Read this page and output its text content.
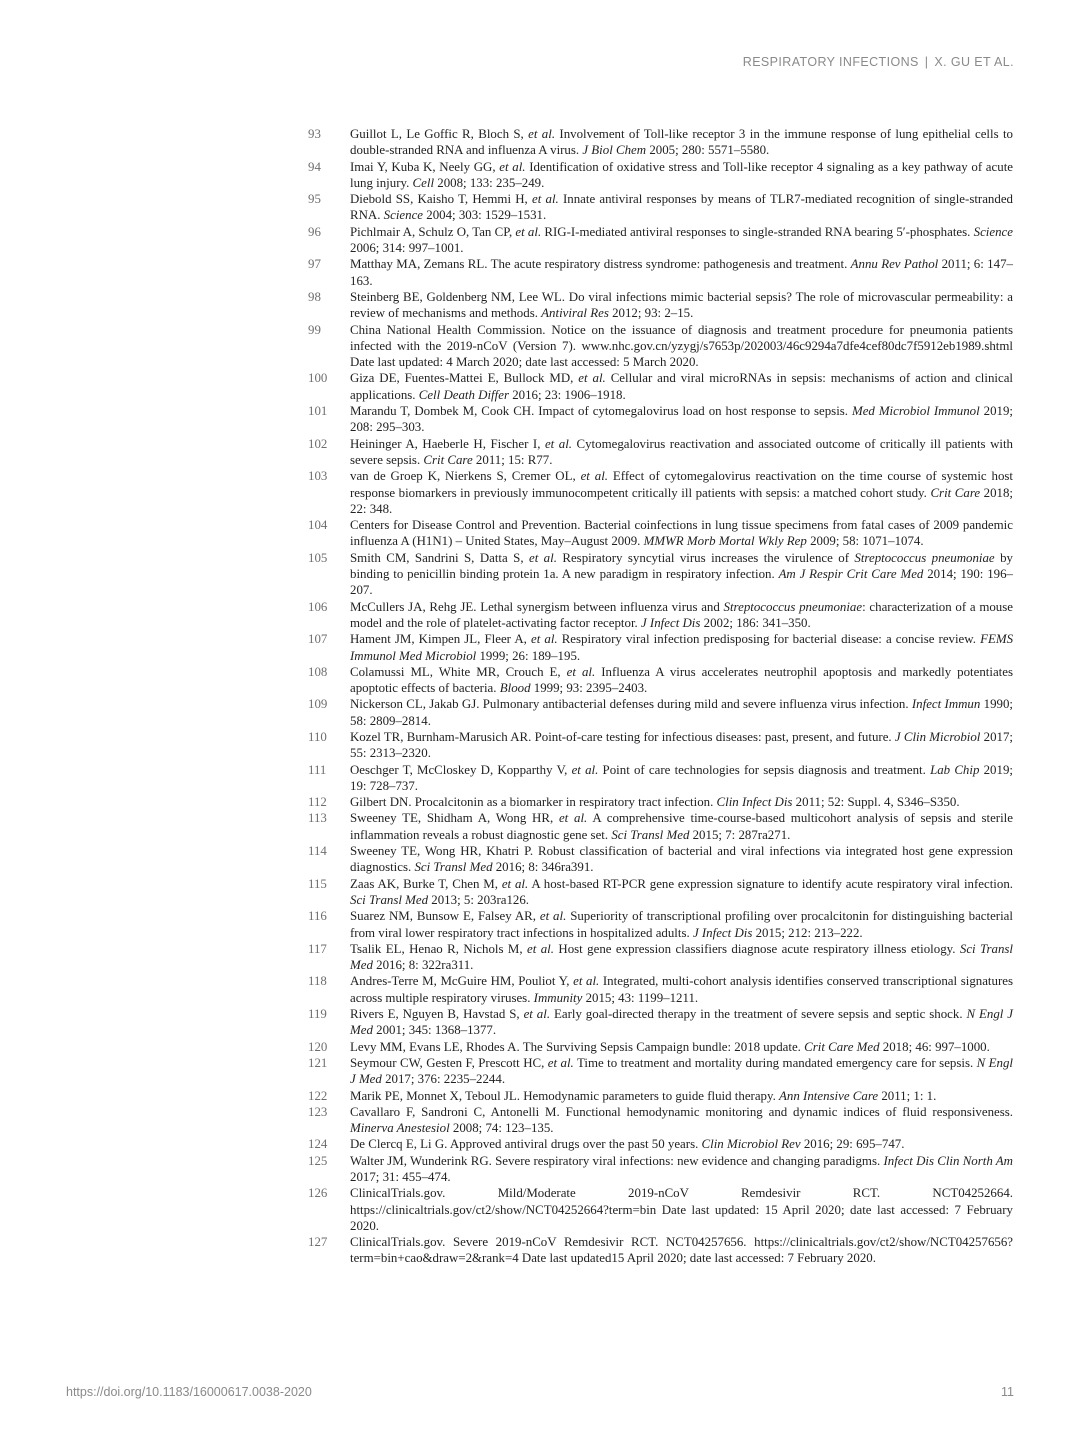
RESPIRATORY INFECTIONS | X. GU ET AL.
93	Guillot L, Le Goffic R, Bloch S, et al. Involvement of Toll-like receptor 3 in the immune response of lung epithelial cells to double-stranded RNA and influenza A virus. J Biol Chem 2005; 280: 5571–5580.
94	Imai Y, Kuba K, Neely GG, et al. Identification of oxidative stress and Toll-like receptor 4 signaling as a key pathway of acute lung injury. Cell 2008; 133: 235–249.
95	Diebold SS, Kaisho T, Hemmi H, et al. Innate antiviral responses by means of TLR7-mediated recognition of single-stranded RNA. Science 2004; 303: 1529–1531.
96	Pichlmair A, Schulz O, Tan CP, et al. RIG-I-mediated antiviral responses to single-stranded RNA bearing 5′-phosphates. Science 2006; 314: 997–1001.
97	Matthay MA, Zemans RL. The acute respiratory distress syndrome: pathogenesis and treatment. Annu Rev Pathol 2011; 6: 147–163.
98	Steinberg BE, Goldenberg NM, Lee WL. Do viral infections mimic bacterial sepsis? The role of microvascular permeability: a review of mechanisms and methods. Antiviral Res 2012; 93: 2–15.
99	China National Health Commission. Notice on the issuance of diagnosis and treatment procedure for pneumonia patients infected with the 2019-nCoV (Version 7). www.nhc.gov.cn/yzygj/s7653p/202003/46c9294a7dfe4cef80dc7f5912eb1989.shtml Date last updated: 4 March 2020; date last accessed: 5 March 2020.
100	Giza DE, Fuentes-Mattei E, Bullock MD, et al. Cellular and viral microRNAs in sepsis: mechanisms of action and clinical applications. Cell Death Differ 2016; 23: 1906–1918.
101	Marandu T, Dombek M, Cook CH. Impact of cytomegalovirus load on host response to sepsis. Med Microbiol Immunol 2019; 208: 295–303.
102	Heininger A, Haeberle H, Fischer I, et al. Cytomegalovirus reactivation and associated outcome of critically ill patients with severe sepsis. Crit Care 2011; 15: R77.
103	van de Groep K, Nierkens S, Cremer OL, et al. Effect of cytomegalovirus reactivation on the time course of systemic host response biomarkers in previously immunocompetent critically ill patients with sepsis: a matched cohort study. Crit Care 2018; 22: 348.
104	Centers for Disease Control and Prevention. Bacterial coinfections in lung tissue specimens from fatal cases of 2009 pandemic influenza A (H1N1) – United States, May–August 2009. MMWR Morb Mortal Wkly Rep 2009; 58: 1071–1074.
105	Smith CM, Sandrini S, Datta S, et al. Respiratory syncytial virus increases the virulence of Streptococcus pneumoniae by binding to penicillin binding protein 1a. A new paradigm in respiratory infection. Am J Respir Crit Care Med 2014; 190: 196–207.
106	McCullers JA, Rehg JE. Lethal synergism between influenza virus and Streptococcus pneumoniae: characterization of a mouse model and the role of platelet-activating factor receptor. J Infect Dis 2002; 186: 341–350.
107	Hament JM, Kimpen JL, Fleer A, et al. Respiratory viral infection predisposing for bacterial disease: a concise review. FEMS Immunol Med Microbiol 1999; 26: 189–195.
108	Colamussi ML, White MR, Crouch E, et al. Influenza A virus accelerates neutrophil apoptosis and markedly potentiates apoptotic effects of bacteria. Blood 1999; 93: 2395–2403.
109	Nickerson CL, Jakab GJ. Pulmonary antibacterial defenses during mild and severe influenza virus infection. Infect Immun 1990; 58: 2809–2814.
110	Kozel TR, Burnham-Marusich AR. Point-of-care testing for infectious diseases: past, present, and future. J Clin Microbiol 2017; 55: 2313–2320.
111	Oeschger T, McCloskey D, Kopparthy V, et al. Point of care technologies for sepsis diagnosis and treatment. Lab Chip 2019; 19: 728–737.
112	Gilbert DN. Procalcitonin as a biomarker in respiratory tract infection. Clin Infect Dis 2011; 52: Suppl. 4, S346–S350.
113	Sweeney TE, Shidham A, Wong HR, et al. A comprehensive time-course-based multicohort analysis of sepsis and sterile inflammation reveals a robust diagnostic gene set. Sci Transl Med 2015; 7: 287ra271.
114	Sweeney TE, Wong HR, Khatri P. Robust classification of bacterial and viral infections via integrated host gene expression diagnostics. Sci Transl Med 2016; 8: 346ra391.
115	Zaas AK, Burke T, Chen M, et al. A host-based RT-PCR gene expression signature to identify acute respiratory viral infection. Sci Transl Med 2013; 5: 203ra126.
116	Suarez NM, Bunsow E, Falsey AR, et al. Superiority of transcriptional profiling over procalcitonin for distinguishing bacterial from viral lower respiratory tract infections in hospitalized adults. J Infect Dis 2015; 212: 213–222.
117	Tsalik EL, Henao R, Nichols M, et al. Host gene expression classifiers diagnose acute respiratory illness etiology. Sci Transl Med 2016; 8: 322ra311.
118	Andres-Terre M, McGuire HM, Pouliot Y, et al. Integrated, multi-cohort analysis identifies conserved transcriptional signatures across multiple respiratory viruses. Immunity 2015; 43: 1199–1211.
119	Rivers E, Nguyen B, Havstad S, et al. Early goal-directed therapy in the treatment of severe sepsis and septic shock. N Engl J Med 2001; 345: 1368–1377.
120	Levy MM, Evans LE, Rhodes A. The Surviving Sepsis Campaign bundle: 2018 update. Crit Care Med 2018; 46: 997–1000.
121	Seymour CW, Gesten F, Prescott HC, et al. Time to treatment and mortality during mandated emergency care for sepsis. N Engl J Med 2017; 376: 2235–2244.
122	Marik PE, Monnet X, Teboul JL. Hemodynamic parameters to guide fluid therapy. Ann Intensive Care 2011; 1: 1.
123	Cavallaro F, Sandroni C, Antonelli M. Functional hemodynamic monitoring and dynamic indices of fluid responsiveness. Minerva Anestesiol 2008; 74: 123–135.
124	De Clercq E, Li G. Approved antiviral drugs over the past 50 years. Clin Microbiol Rev 2016; 29: 695–747.
125	Walter JM, Wunderink RG. Severe respiratory viral infections: new evidence and changing paradigms. Infect Dis Clin North Am 2017; 31: 455–474.
126	ClinicalTrials.gov. Mild/Moderate 2019-nCoV Remdesivir RCT. NCT04252664. https://clinicaltrials.gov/ct2/show/NCT04252664?term=bin Date last updated: 15 April 2020; date last accessed: 7 February 2020.
127	ClinicalTrials.gov. Severe 2019-nCoV Remdesivir RCT. NCT04257656. https://clinicaltrials.gov/ct2/show/NCT04257656?term=bin+cao&draw=2&rank=4 Date last updated15 April 2020; date last accessed: 7 February 2020.
https://doi.org/10.1183/16000617.0038-2020	11
